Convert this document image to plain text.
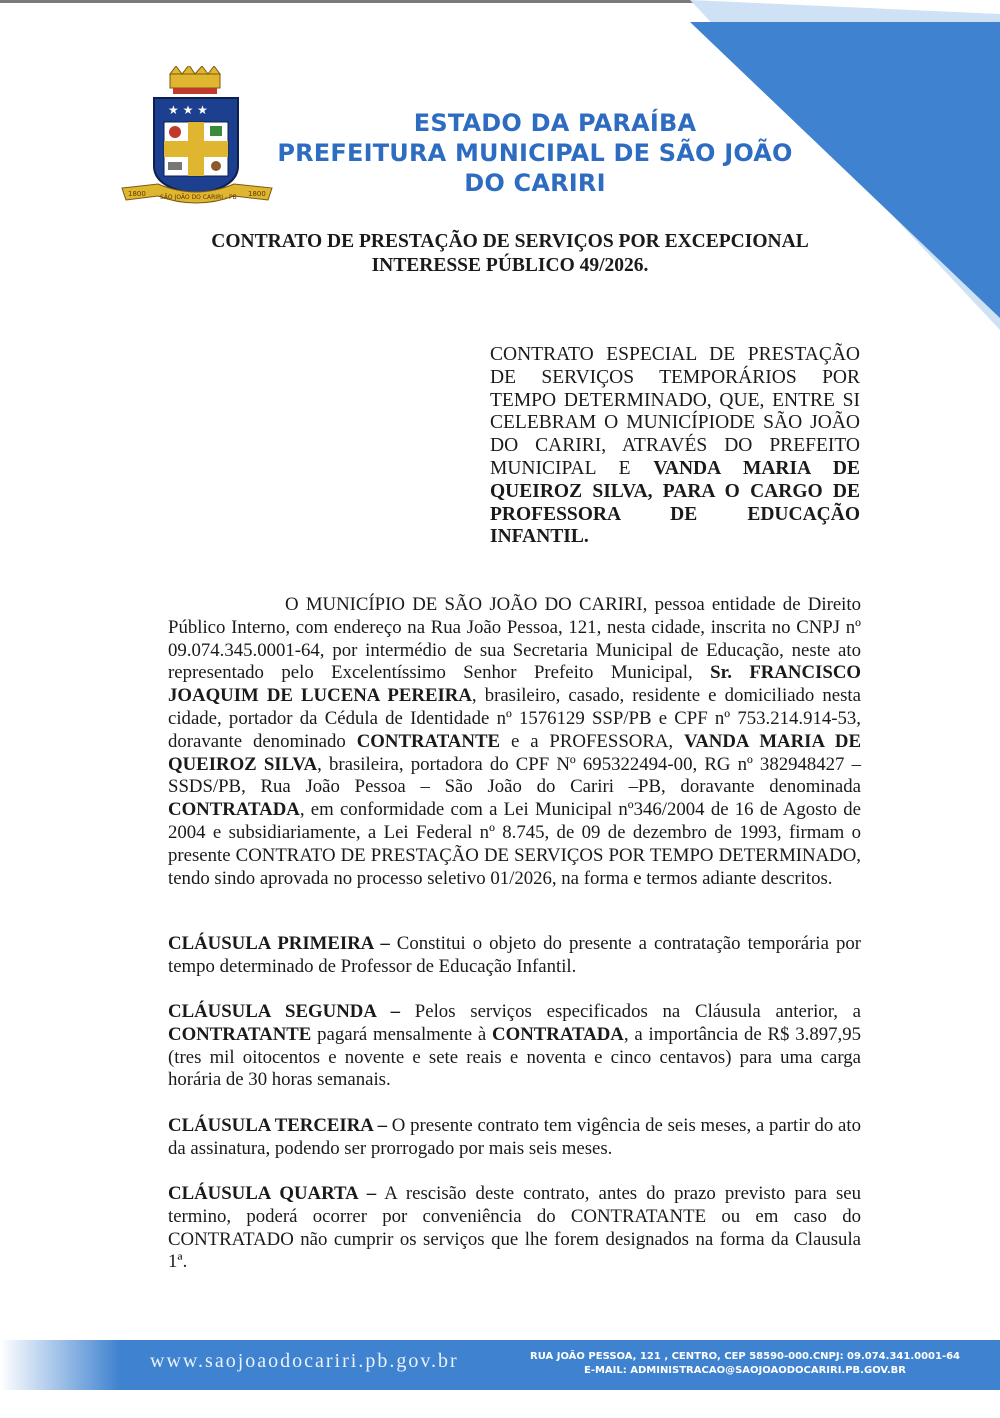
★ ★ ★
1800 SÃO JOÃO DO CARIRI - PB 1800
ESTADO DA PARAÍBA
PREFEITURA MUNICIPAL DE SÃO JOÃO DO CARIRI
CONTRATO DE PRESTAÇÃO DE SERVIÇOS POR EXCEPCIONAL
INTERESSE PÚBLICO 49/2026.
CONTRATO ESPECIAL DE PRESTAÇÃO
DE SERVIÇOS TEMPORÁRIOS POR
TEMPO DETERMINADO, QUE, ENTRE SI
CELEBRAM O MUNICÍPIODE SÃO JOÃO
DO CARIRI, ATRAVÉS DO PREFEITO
MUNICIPAL E VANDA MARIA DE
QUEIROZ SILVA, PARA O CARGO DE
PROFESSORA DE EDUCAÇÃO
INFANTIL.
O MUNICÍPIO DE SÃO JOÃO DO CARIRI, pessoa entidade de Direito Público Interno, com endereço na Rua João Pessoa, 121, nesta cidade, inscrita no CNPJ nº 09.074.345.0001-64, por intermédio de sua Secretaria Municipal de Educação, neste ato representado pelo Excelentíssimo Senhor Prefeito Municipal, Sr. FRANCISCO JOAQUIM DE LUCENA PEREIRA, brasileiro, casado, residente e domiciliado nesta cidade, portador da Cédula de Identidade nº 1576129 SSP/PB e CPF nº 753.214.914-53, doravante denominado CONTRATANTE e a PROFESSORA, VANDA MARIA DE QUEIROZ SILVA, brasileira, portadora do CPF Nº 695322494-00, RG nº 382948427 – SSDS/PB, Rua João Pessoa – São João do Cariri –PB, doravante denominada CONTRATADA, em conformidade com a Lei Municipal nº346/2004 de 16 de Agosto de 2004 e subsidiariamente, a Lei Federal nº 8.745, de 09 de dezembro de 1993, firmam o presente CONTRATO DE PRESTAÇÃO DE SERVIÇOS POR TEMPO DETERMINADO, tendo sindo aprovada no processo seletivo 01/2026, na forma e termos adiante descritos.
CLÁUSULA PRIMEIRA – Constitui o objeto do presente a contratação temporária por tempo determinado de Professor de Educação Infantil.
CLÁUSULA SEGUNDA – Pelos serviços especificados na Cláusula anterior, a CONTRATANTE pagará mensalmente à CONTRATADA, a importância de R$ 3.897,95 (tres mil oitocentos e novente e sete reais e noventa e cinco centavos) para uma carga horária de 30 horas semanais.
CLÁUSULA TERCEIRA – O presente contrato tem vigência de seis meses, a partir do ato da assinatura, podendo ser prorrogado por mais seis meses.
CLÁUSULA QUARTA – A rescisão deste contrato, antes do prazo previsto para seu termino, poderá ocorrer por conveniência do CONTRATANTE ou em caso do CONTRATADO não cumprir os serviços que lhe forem designados na forma da Clausula 1ª.
www.saojoaodocariri.pb.gov.br	RUA JOÃO PESSOA, 121 , CENTRO, CEP 58590-000.CNPJ: 09.074.341.0001-64
E-MAIL: ADMINISTRACAO@SAOJOAODOCARIRI.PB.GOV.BR
